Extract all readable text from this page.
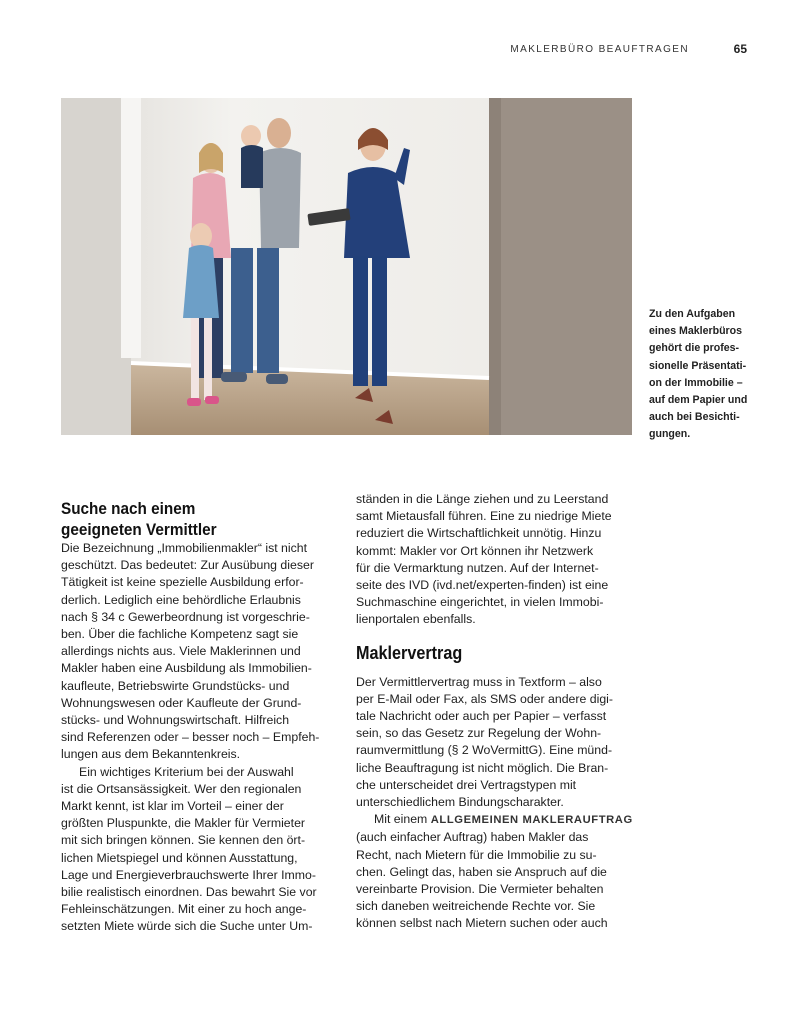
MAKLERBÜRO BEAUFTRAGEN	65
Zu den Aufgaben
eines Maklerbüros
gehört die profes-
sionelle Präsentati-
on der Immobilie –
auf dem Papier und
auch bei Besichti-
gungen.
Suche nach einem
geeigneten Vermittler
Die Bezeichnung „Immobilienmakler“ ist nicht
geschützt. Das bedeutet: Zur Ausübung dieser
Tätigkeit ist keine spezielle Ausbildung erfor-
derlich. Lediglich eine behördliche Erlaubnis
nach § 34 c Gewerbeordnung ist vorgeschrie-
ben. Über die fachliche Kompetenz sagt sie
allerdings nichts aus. Viele Maklerinnen und
Makler haben eine Ausbildung als Immobilien-
kaufleute, Betriebswirte Grundstücks- und
Wohnungswesen oder Kaufleute der Grund-
stücks- und Wohnungswirtschaft. Hilfreich
sind Referenzen oder – besser noch – Empfeh-
lungen aus dem Bekanntenkreis.
Ein wichtiges Kriterium bei der Auswahl
ist die Ortsansässigkeit. Wer den regionalen
Markt kennt, ist klar im Vorteil – einer der
größten Pluspunkte, die Makler für Vermieter
mit sich bringen können. Sie kennen den ört-
lichen Mietspiegel und können Ausstattung,
Lage und Energieverbrauchswerte Ihrer Immo-
bilie realistisch einordnen. Das bewahrt Sie vor
Fehleinschätzungen. Mit einer zu hoch ange-
setzten Miete würde sich die Suche unter Um-
ständen in die Länge ziehen und zu Leerstand
samt Mietausfall führen. Eine zu niedrige Miete
reduziert die Wirtschaftlichkeit unnötig. Hinzu
kommt: Makler vor Ort können ihr Netzwerk
für die Vermarktung nutzen. Auf der Internet-
seite des IVD (ivd.net/experten-finden) ist eine
Suchmaschine eingerichtet, in vielen Immobi-
lienportalen ebenfalls.
Maklervertrag
Der Vermittlervertrag muss in Textform – also
per E-Mail oder Fax, als SMS oder andere digi-
tale Nachricht oder auch per Papier – verfasst
sein, so das Gesetz zur Regelung der Wohn-
raumvermittlung (§ 2 WoVermittG). Eine münd-
liche Beauftragung ist nicht möglich. Die Bran-
che unterscheidet drei Vertragstypen mit
unterschiedlichem Bindungscharakter.
Mit einem ALLGEMEINEN MAKLERAUFTRAG
(auch einfacher Auftrag) haben Makler das
Recht, nach Mietern für die Immobilie zu su-
chen. Gelingt das, haben sie Anspruch auf die
vereinbarte Provision. Die Vermieter behalten
sich daneben weitreichende Rechte vor. Sie
können selbst nach Mietern suchen oder auch
